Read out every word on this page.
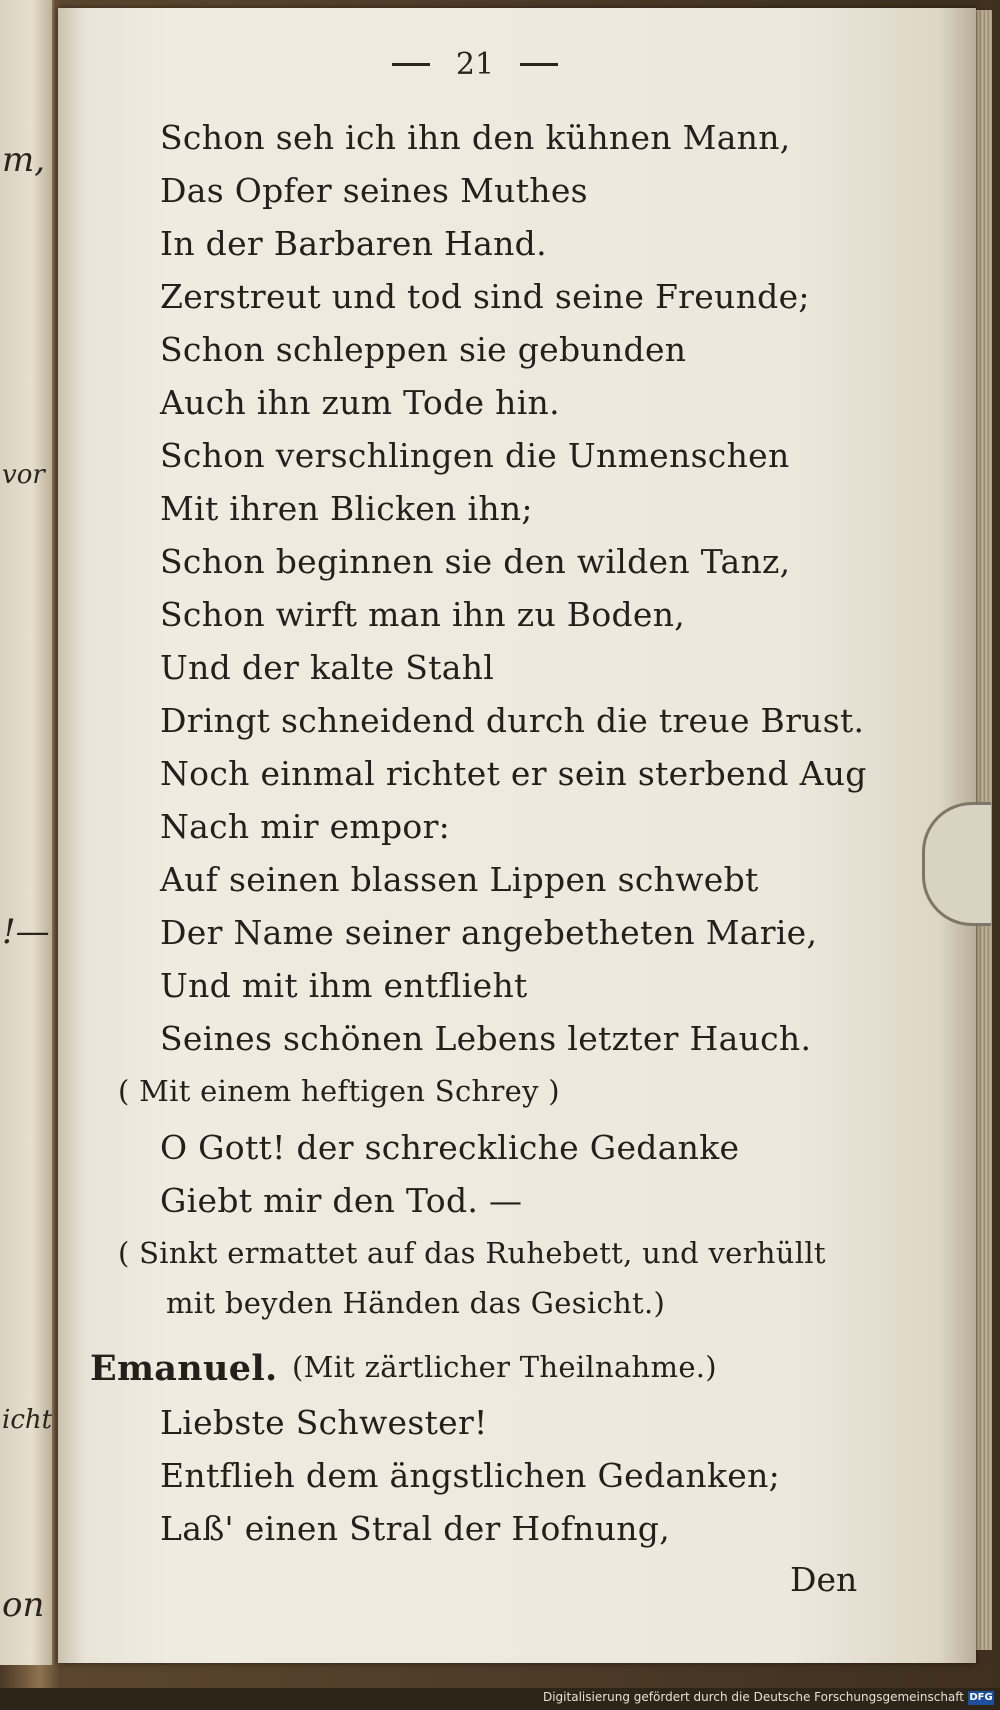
m,
vor
!—
icht
on
21
Schon seh ich ihn den kühnen Mann,
Das Opfer seines Muthes
In der Barbaren Hand.
Zerstreut und tod sind seine Freunde;
Schon schleppen sie gebunden
Auch ihn zum Tode hin.
Schon verschlingen die Unmenschen
Mit ihren Blicken ihn;
Schon beginnen sie den wilden Tanz,
Schon wirft man ihn zu Boden,
Und der kalte Stahl
Dringt schneidend durch die treue Brust.
Noch einmal richtet er sein sterbend Aug
Nach mir empor:
Auf seinen blassen Lippen schwebt
Der Name seiner angebetheten Marie,
Und mit ihm entflieht
Seines schönen Lebens letzter Hauch.
( Mit einem heftigen Schrey )
O Gott! der schreckliche Gedanke
Giebt mir den Tod. —
( Sinkt ermattet auf das Ruhebett, und verhüllt
mit beyden Händen das Gesicht.)
Emanuel. (Mit zärtlicher Theilnahme.)
Liebste Schwester!
Entflieh dem ängstlichen Gedanken;
Laß' einen Stral der Hofnung,
Den
Digitalisierung gefördert durch die Deutsche Forschungsgemeinschaft DFG
